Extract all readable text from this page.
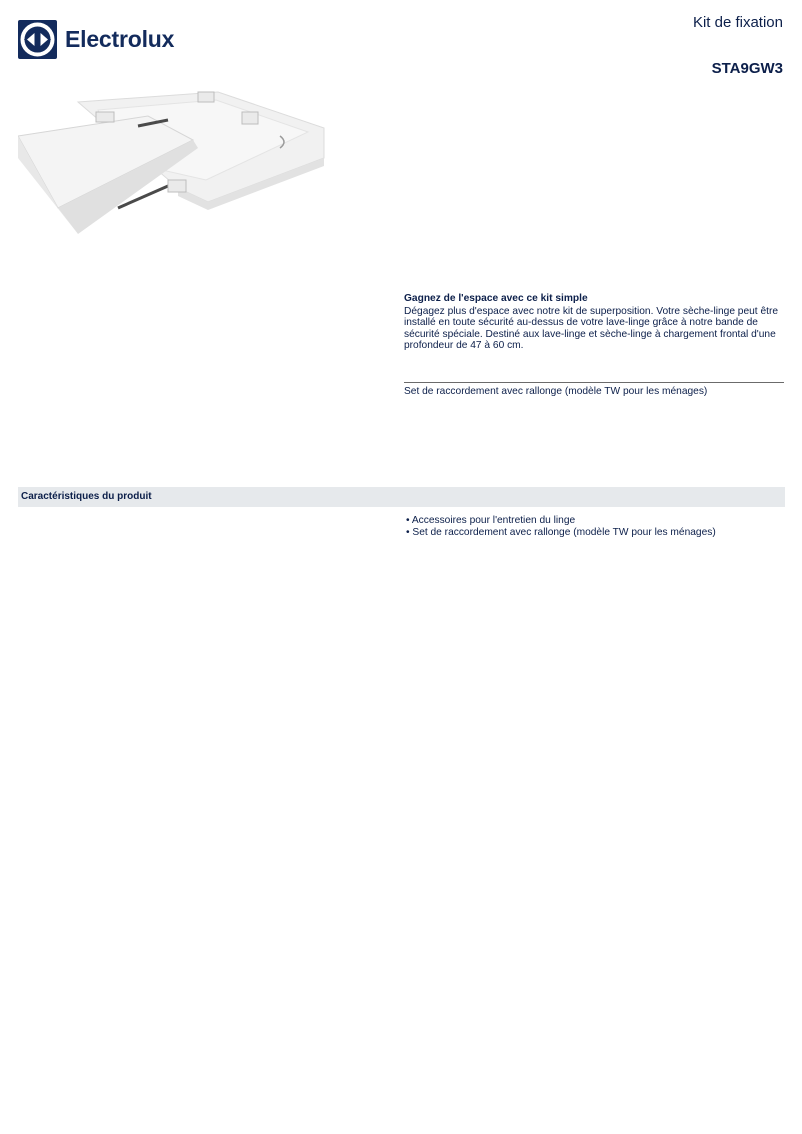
Electrolux
Kit de fixation
STA9GW3

Gagnez de l'espace avec ce kit simple

Dégagez plus d'espace avec notre kit de superposition. Votre sèche-linge peut être installé en toute sécurité au-dessus de votre lave-linge grâce à notre bande de sécurité spéciale. Destiné aux lave-linge et sèche-linge à chargement frontal d'une profondeur de 47 à 60 cm.

Set de raccordement avec rallonge (modèle TW pour les ménages)
Caractéristiques du produit
• Accessoires pour l'entretien du linge
• Set de raccordement avec rallonge (modèle TW pour les ménages)
